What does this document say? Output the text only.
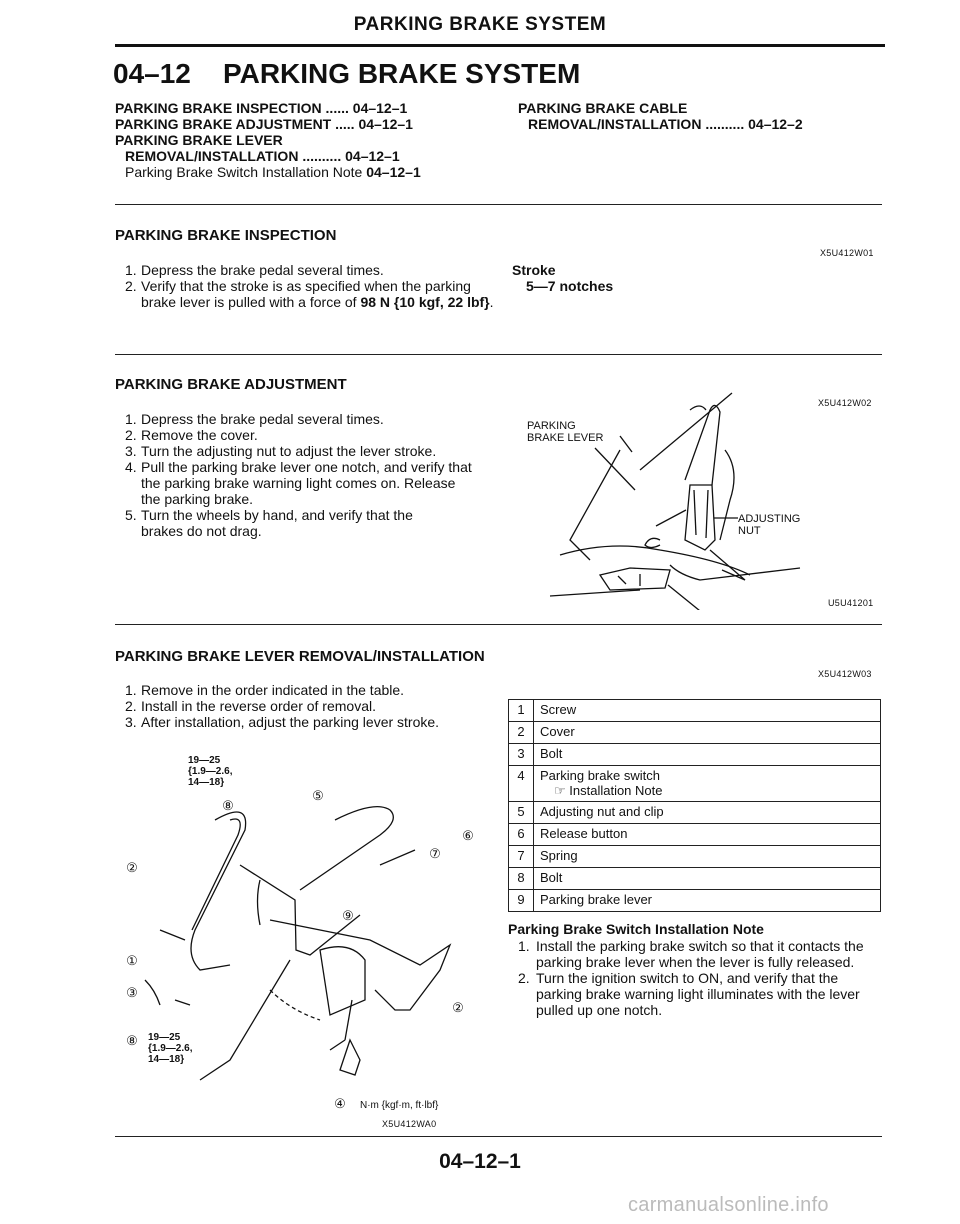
PARKING BRAKE SYSTEM
04–12 PARKING BRAKE SYSTEM
PARKING BRAKE INSPECTION ...... 04–12–1
PARKING BRAKE ADJUSTMENT ..... 04–12–1
PARKING BRAKE LEVER
REMOVAL/INSTALLATION .......... 04–12–1
Parking Brake Switch Installation Note 04–12–1
PARKING BRAKE CABLE
REMOVAL/INSTALLATION .......... 04–12–2
PARKING BRAKE INSPECTION
X5U412W01
1. Depress the brake pedal several times.
2. Verify that the stroke is as specified when the parking brake lever is pulled with a force of 98 N {10 kgf, 22 lbf}.
Stroke
5—7 notches
PARKING BRAKE ADJUSTMENT
X5U412W02
1. Depress the brake pedal several times.
2. Remove the cover.
3. Turn the adjusting nut to adjust the lever stroke.
4. Pull the parking brake lever one notch, and verify that the parking brake warning light comes on. Release the parking brake.
5. Turn the wheels by hand, and verify that the brakes do not drag.
PARKING
BRAKE LEVER
ADJUSTING
NUT
U5U41201
PARKING BRAKE LEVER REMOVAL/INSTALLATION
X5U412W03
1. Remove in the order indicated in the table.
2. Install in the reverse order of removal.
3. After installation, adjust the parking lever stroke.
19—25
{1.9—2.6,
14—18}
19—25
{1.9—2.6,
14—18}
②
⑧
⑤
⑥
⑦
⑨
①
③
②
⑧
④ N·m {kgf·m, ft·lbf}
X5U412WA0
1	Screw
2	Cover
3	Bolt
4	Parking brake switch
☞ Installation Note

5	Adjusting nut and clip
6	Release button
7	Spring
8	Bolt
9	Parking brake lever
Parking Brake Switch Installation Note
1. Install the parking brake switch so that it contacts the parking brake lever when the lever is fully released.
2. Turn the ignition switch to ON, and verify that the parking brake warning light illuminates with the lever pulled up one notch.
04–12–1
carmanualsonline.info
